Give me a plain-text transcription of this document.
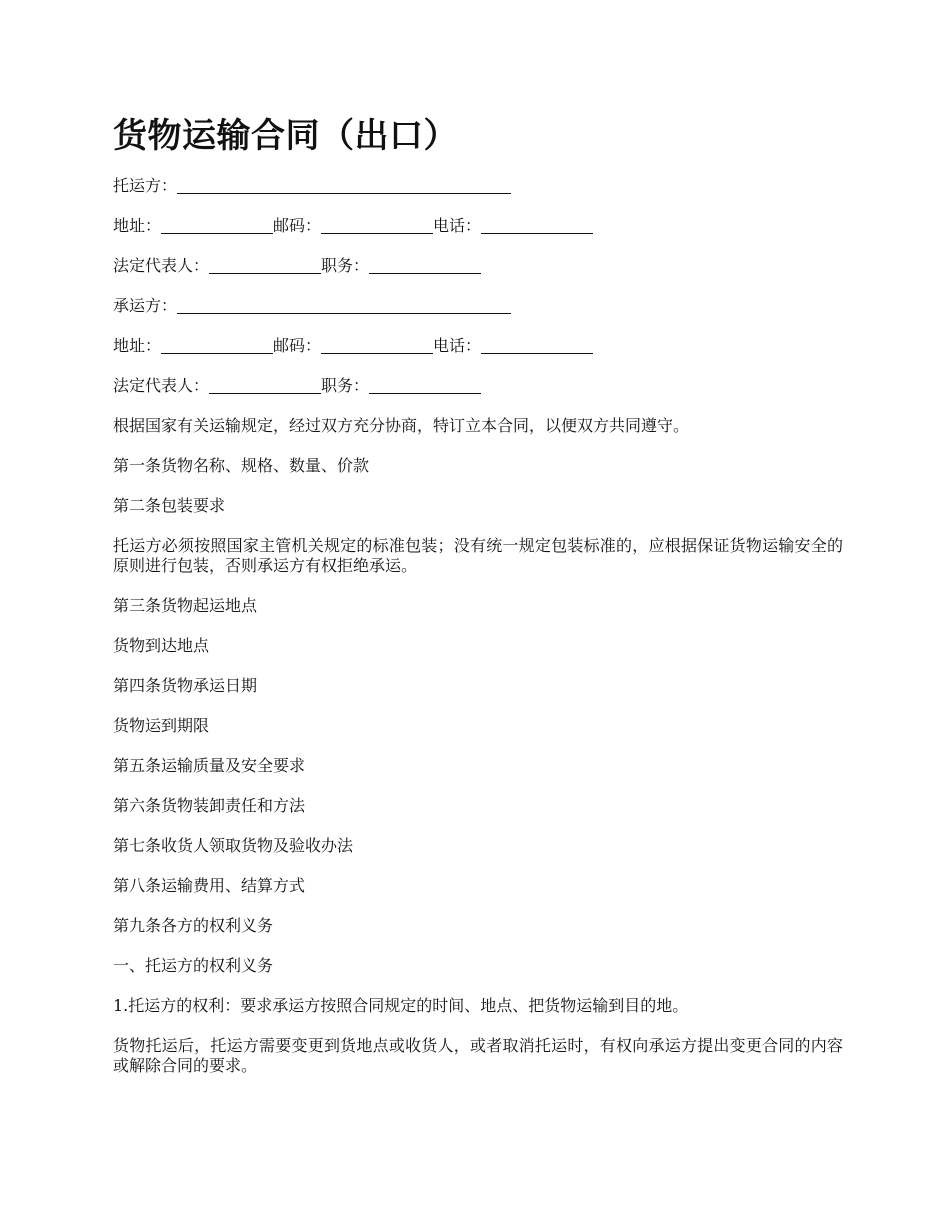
货物运输合同（出口）
托运方：
地址：	邮码：	电话：
法定代表人：	职务：
承运方：
地址：	邮码：	电话：
法定代表人：	职务：
根据国家有关运输规定，经过双方充分协商，特订立本合同，以便双方共同遵守。
第一条货物名称、规格、数量、价款
第二条包装要求
托运方必须按照国家主管机关规定的标准包装；没有统一规定包装标准的，应根据保证货物运输安全的原则进行包装，否则承运方有权拒绝承运。
第三条货物起运地点
货物到达地点
第四条货物承运日期
货物运到期限
第五条运输质量及安全要求
第六条货物装卸责任和方法
第七条收货人领取货物及验收办法
第八条运输费用、结算方式
第九条各方的权利义务
一、托运方的权利义务
1.托运方的权利：要求承运方按照合同规定的时间、地点、把货物运输到目的地。
货物托运后，托运方需要变更到货地点或收货人，或者取消托运时，有权向承运方提出变更合同的内容或解除合同的要求。
